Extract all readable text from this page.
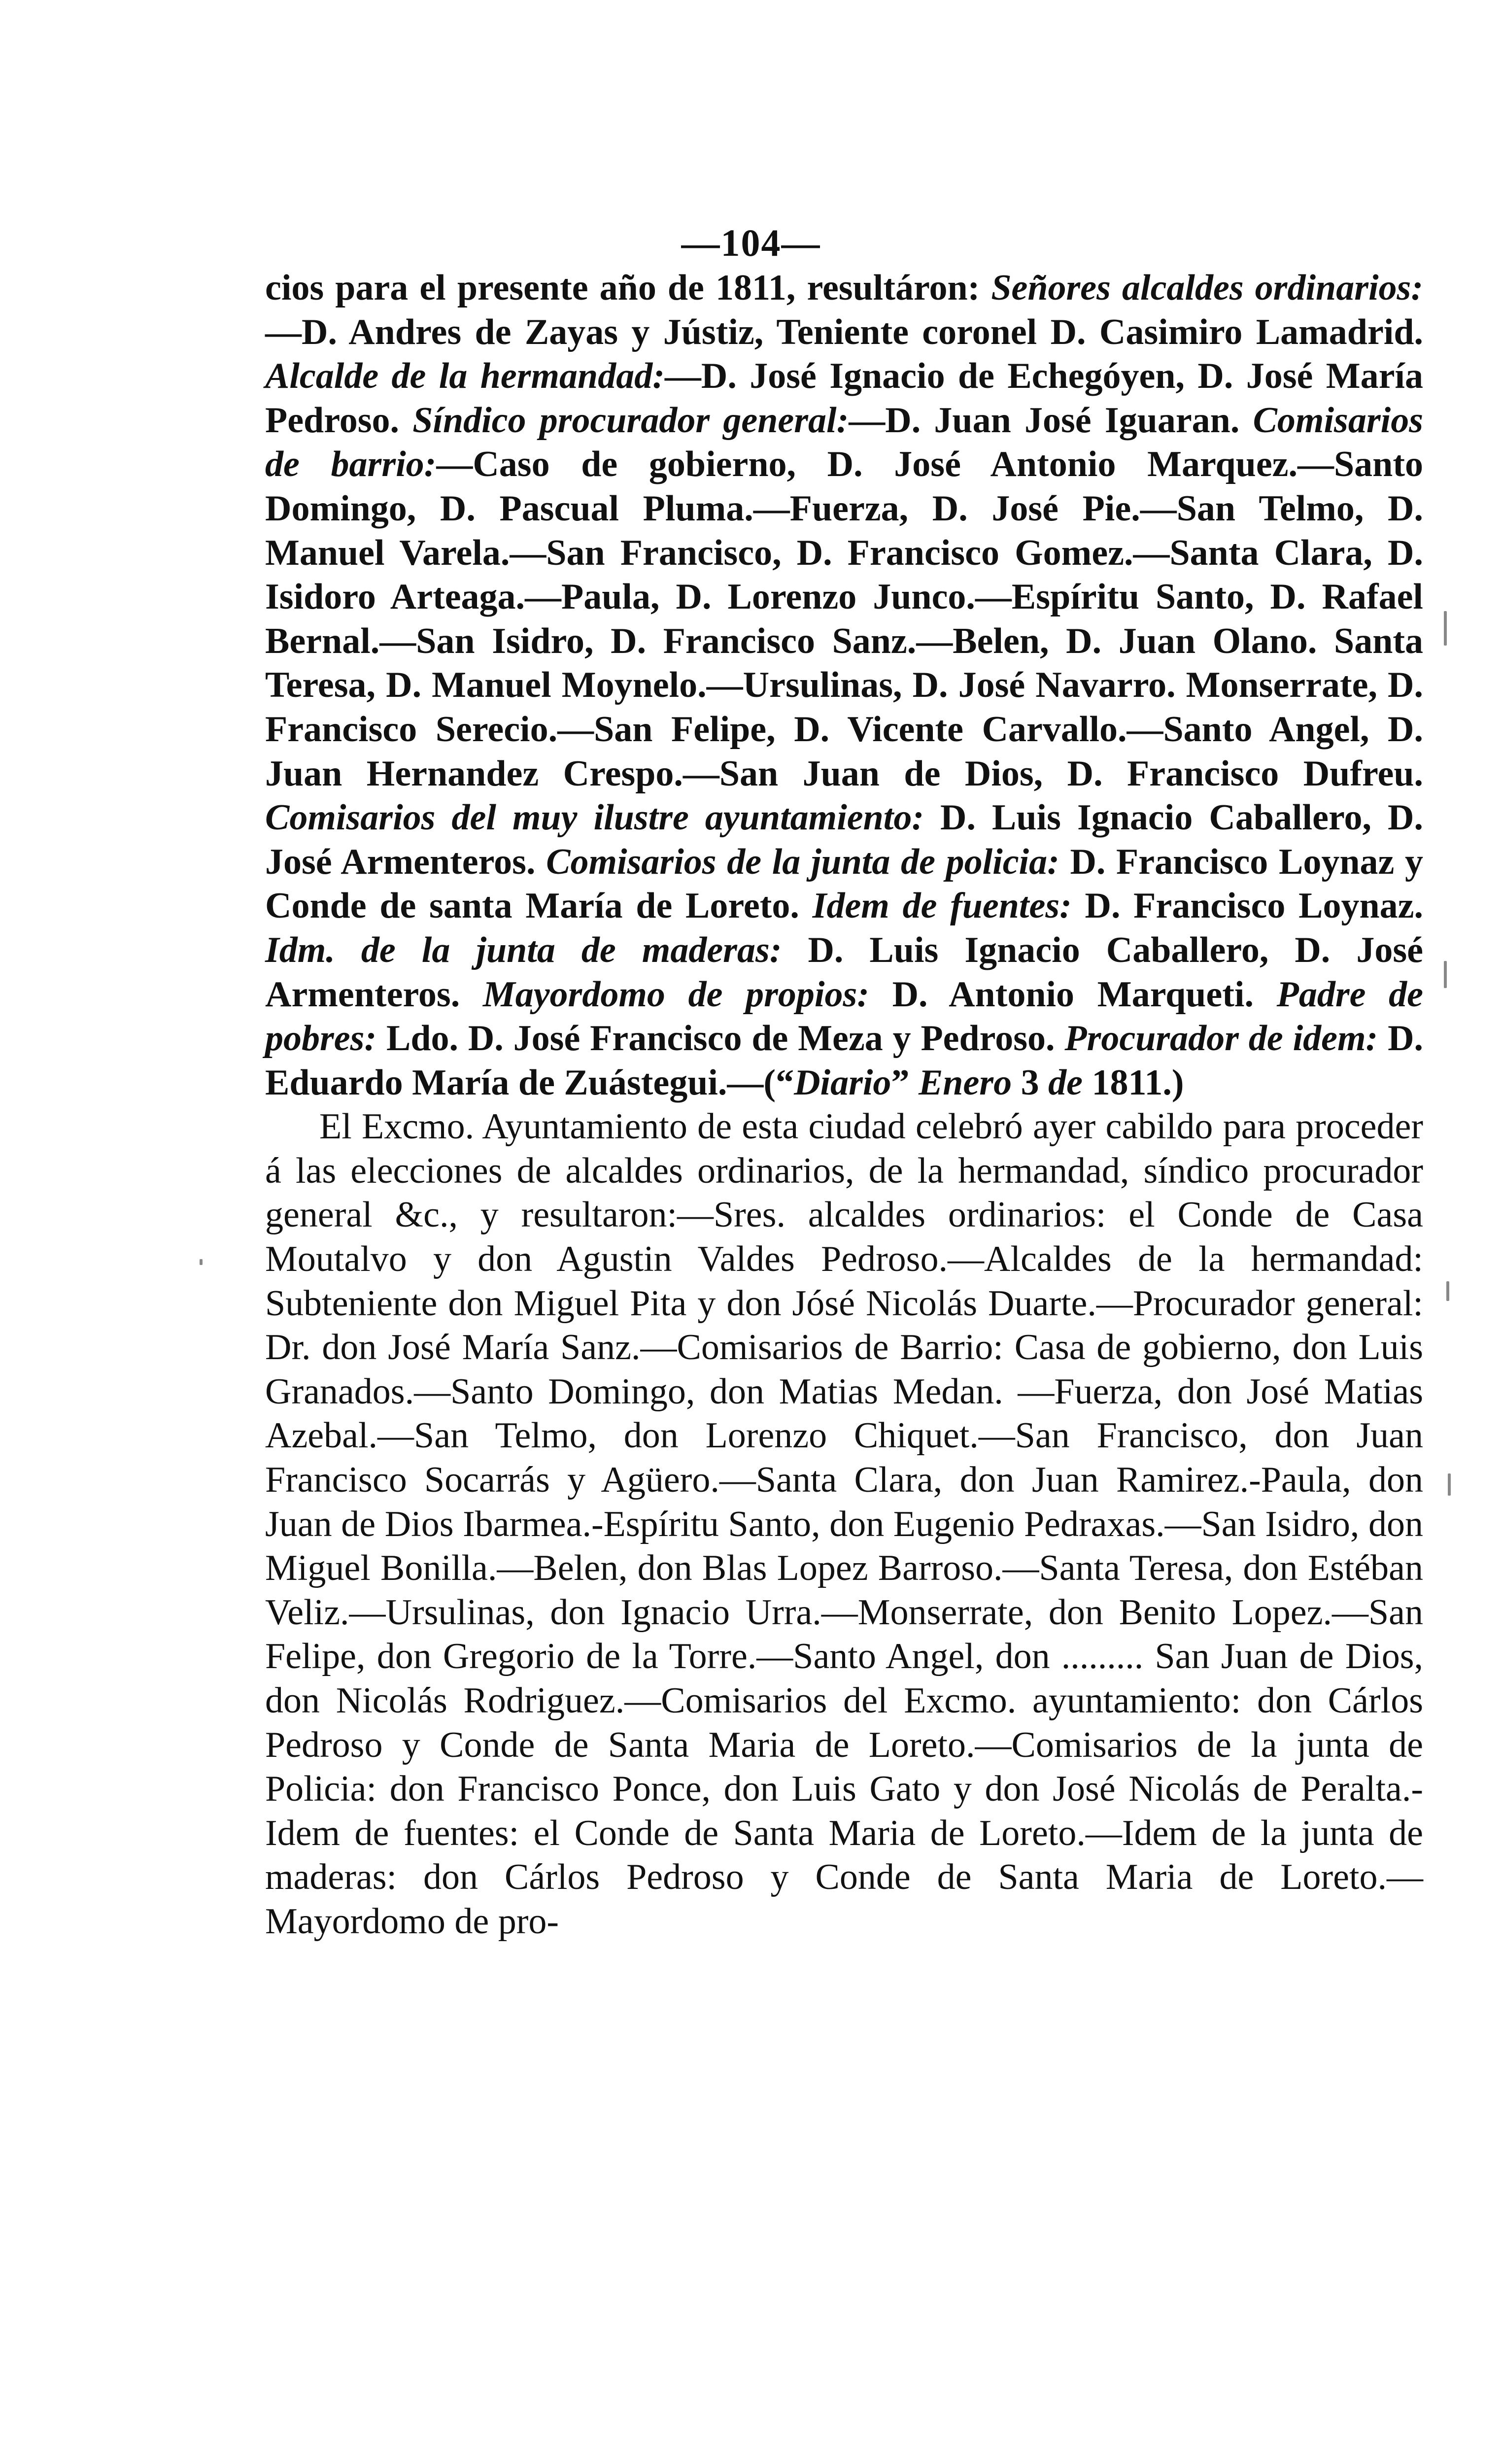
—104—

cios para el presente año de 1811, resultáron: Señores alcaldes ordinarios:—D. Andres de Zayas y Jústiz, Teniente coronel D. Casimiro Lamadrid. Alcalde de la hermandad:—D. José Ignacio de Echegóyen, D. José María Pedroso. Síndico procurador general:—D. Juan José Iguaran. Comisarios de barrio:—Caso de gobierno, D. José Antonio Marquez.—Santo Domingo, D. Pascual Pluma.—Fuerza, D. José Pie.—San Telmo, D. Manuel Varela.—San Francisco, D. Francisco Gomez.—Santa Clara, D. Isidoro Arteaga.—Paula, D. Lorenzo Junco.—Espíritu Santo, D. Rafael Bernal.—San Isidro, D. Francisco Sanz.—Belen, D. Juan Olano. Santa Teresa, D. Manuel Moynelo.—Ursulinas, D. José Navarro. Monserrate, D. Francisco Serecio.—San Felipe, D. Vicente Carvallo.—Santo Angel, D. Juan Hernandez Crespo.—San Juan de Dios, D. Francisco Dufreu. Comisarios del muy ilustre ayuntamiento: D. Luis Ignacio Caballero, D. José Armenteros. Comisarios de la junta de policia: D. Francisco Loynaz y Conde de santa María de Loreto. Idem de fuentes: D. Francisco Loynaz. Idm. de la junta de maderas: D. Luis Ignacio Caballero, D. José Armenteros. Mayordomo de propios: D. Antonio Marqueti. Padre de pobres: Ldo. D. José Francisco de Meza y Pedroso. Procurador de idem: D. Eduardo María de Zuástegui.—(“Diario” Enero 3 de 1811.)

El Excmo. Ayuntamiento de esta ciudad celebró ayer cabildo para proceder á las elecciones de alcaldes ordinarios, de la hermandad, síndico procurador general &c., y resultaron:—Sres. alcaldes ordinarios: el Conde de Casa Moutalvo y don Agustin Valdes Pedroso.—Alcaldes de la hermandad: Subteniente don Miguel Pita y don Jósé Nicolás Duarte.—Procurador general: Dr. don José María Sanz.—Comisarios de Barrio: Casa de gobierno, don Luis Granados.—Santo Domingo, don Matias Medan. —Fuerza, don José Matias Azebal.—San Telmo, don Lorenzo Chiquet.—San Francisco, don Juan Francisco Socarrás y Agüero.—Santa Clara, don Juan Ramirez.-Paula, don Juan de Dios Ibarmea.-Espíritu Santo, don Eugenio Pedraxas.—San Isidro, don Miguel Bonilla.—Belen, don Blas Lopez Barroso.—Santa Teresa, don Estéban Veliz.—Ursulinas, don Ignacio Urra.—Monserrate, don Benito Lopez.—San Felipe, don Gregorio de la Torre.—Santo Angel, don ......... San Juan de Dios, don Nicolás Rodriguez.—Comisarios del Excmo. ayuntamiento: don Cárlos Pedroso y Conde de Santa Maria de Loreto.—Comisarios de la junta de Policia: don Francisco Ponce, don Luis Gato y don José Nicolás de Peralta.-Idem de fuentes: el Conde de Santa Maria de Loreto.—Idem de la junta de maderas: don Cárlos Pedroso y Conde de Santa Maria de Loreto.—Mayordomo de pro-
